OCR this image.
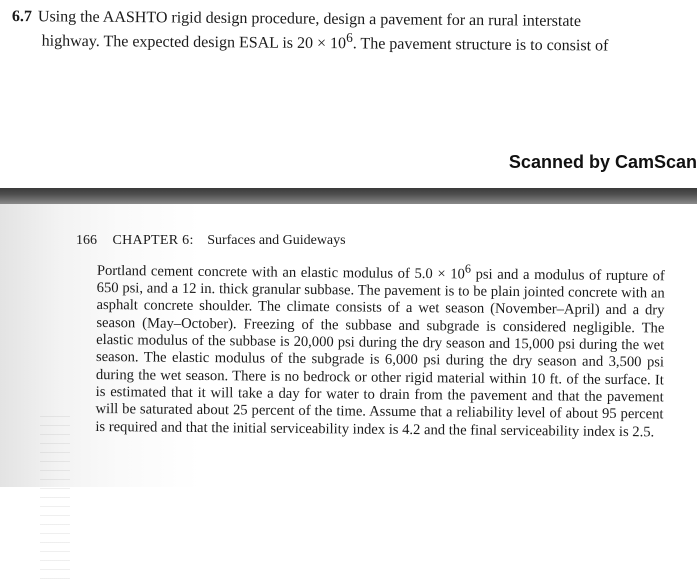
6.7 Using the AASHTO rigid design procedure, design a pavement for an rural interstate
highway. The expected design ESAL is $20 \times 10^6$. The pavement structure is to consist of
Scanned by CamScan
166 CHAPTER 6: Surfaces and Guideways

Portland cement concrete with an elastic modulus of $5.0 \times 10^6$ psi and a modulus of rupture of 650 psi, and a 12 in. thick granular subbase. The pavement is to be plain jointed concrete with an asphalt concrete shoulder. The climate consists of a wet season (November–April) and a dry season (May–October). Freezing of the subbase and subgrade is considered negligible. The elastic modulus of the subbase is 20,000 psi during the dry season and 15,000 psi during the wet season. The elastic modulus of the subgrade is 6,000 psi during the dry season and 3,500 psi during the wet season. There is no bedrock or other rigid material within 10 ft. of the surface. It is estimated that it will take a day for water to drain from the pavement and that the pavement will be saturated about 25 percent of the time. Assume that a reliability level of about 95 percent is required and that the initial serviceability index is 4.2 and the final serviceability index is 2.5.
